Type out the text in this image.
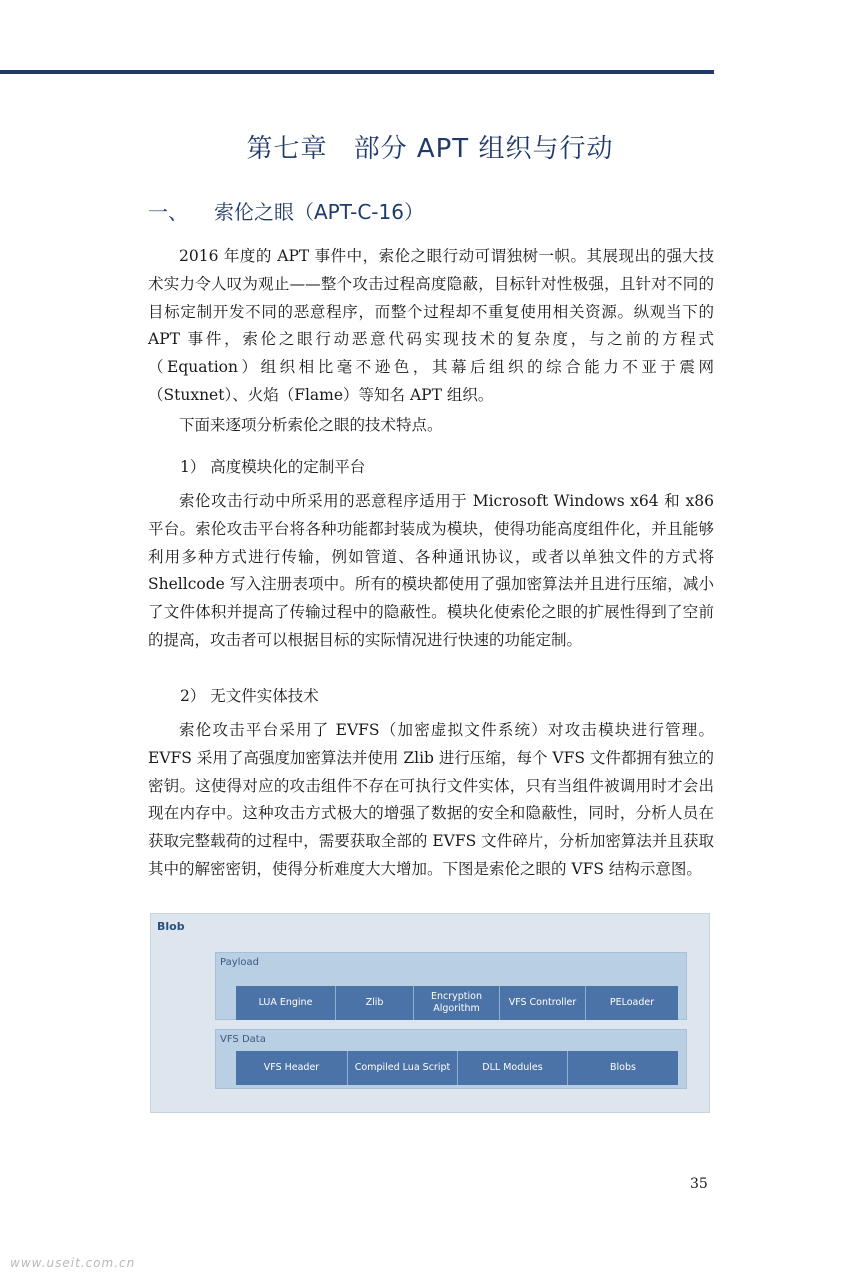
第七章 部分 APT 组织与行动
一、 索伦之眼（APT-C-16）
2016 年度的 APT 事件中，索伦之眼行动可谓独树一帜。其展现出的强大技术实力令人叹为观止——整个攻击过程高度隐蔽，目标针对性极强，且针对不同的目标定制开发不同的恶意程序，而整个过程却不重复使用相关资源。纵观当下的 APT 事件，索伦之眼行动恶意代码实现技术的复杂度，与之前的方程式（Equation）组织相比毫不逊色，其幕后组织的综合能力不亚于震网（Stuxnet）、火焰（Flame）等知名 APT 组织。
下面来逐项分析索伦之眼的技术特点。
1） 高度模块化的定制平台
索伦攻击行动中所采用的恶意程序适用于 Microsoft Windows x64 和 x86 平台。索伦攻击平台将各种功能都封装成为模块，使得功能高度组件化，并且能够利用多种方式进行传输，例如管道、各种通讯协议，或者以单独文件的方式将 Shellcode 写入注册表项中。所有的模块都使用了强加密算法并且进行压缩，减小了文件体积并提高了传输过程中的隐蔽性。模块化使索伦之眼的扩展性得到了空前的提高，攻击者可以根据目标的实际情况进行快速的功能定制。
2） 无文件实体技术
索伦攻击平台采用了 EVFS（加密虚拟文件系统）对攻击模块进行管理。EVFS 采用了高强度加密算法并使用 Zlib 进行压缩，每个 VFS 文件都拥有独立的密钥。这使得对应的攻击组件不存在可执行文件实体，只有当组件被调用时才会出现在内存中。这种攻击方式极大的增强了数据的安全和隐蔽性，同时，分析人员在获取完整载荷的过程中，需要获取全部的 EVFS 文件碎片，分析加密算法并且获取其中的解密密钥，使得分析难度大大增加。下图是索伦之眼的 VFS 结构示意图。
Blob
Payload
LUA Engine	Zlib
Encryption Algorithm
VFS Controller	PELoader
VFS Data
VFS Header	Compiled Lua Script	DLL Modules	Blobs
35
www.useit.com.cn
